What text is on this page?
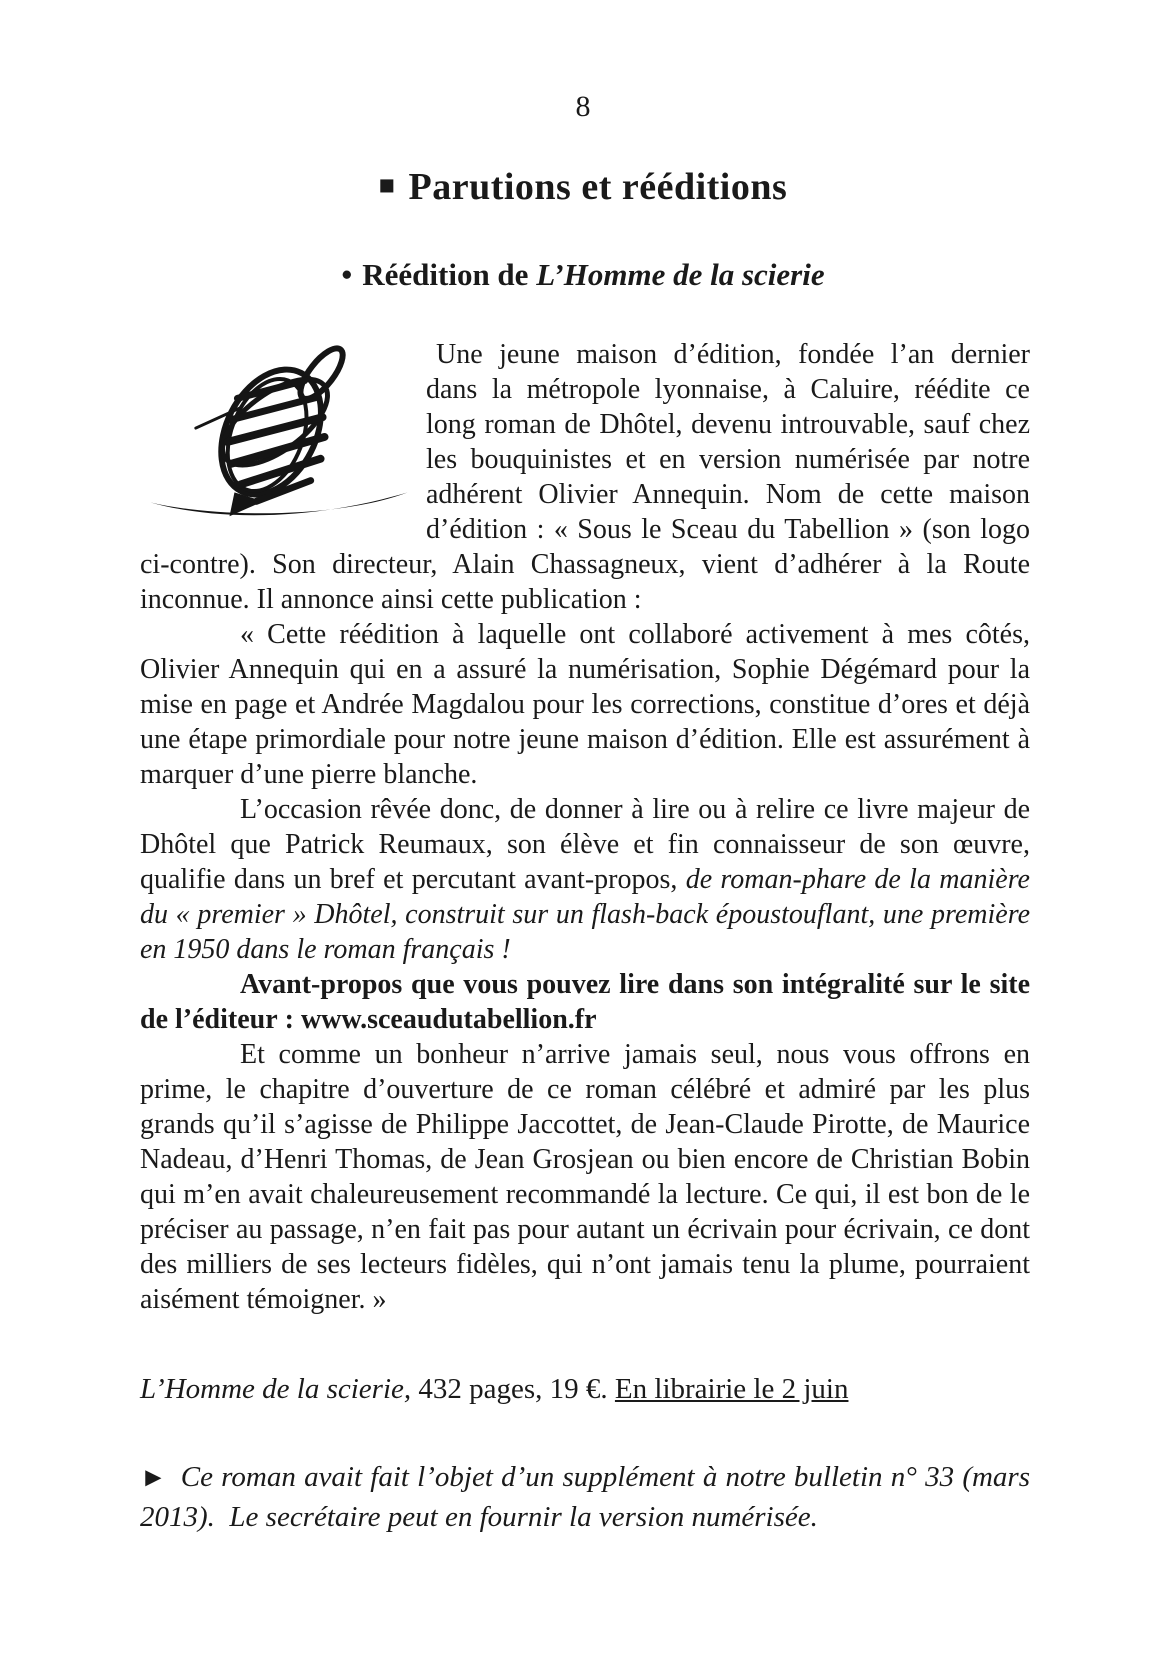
8
■ Parutions et rééditions
• Réédition de L’Homme de la scierie

Une jeune maison d’édition, fondée l’an dernier dans la métropole lyonnaise, à Caluire, réédite ce long roman de Dhôtel, devenu introuvable, sauf chez les bouquinistes et en version numérisée par notre adhérent Olivier Annequin. Nom de cette maison d’édition : « Sous le Sceau du Tabellion » (son logo ci-contre). Son directeur, Alain Chassagneux, vient d’adhérer à la Route inconnue. Il annonce ainsi cette publication :

« Cette réédition à laquelle ont collaboré activement à mes côtés, Olivier Annequin qui en a assuré la numérisation, Sophie Dégémard pour la mise en page et Andrée Magdalou pour les corrections, constitue d’ores et déjà une étape primordiale pour notre jeune maison d’édition. Elle est assurément à marquer d’une pierre blanche.

L’occasion rêvée donc, de donner à lire ou à relire ce livre majeur de Dhôtel que Patrick Reumaux, son élève et fin connaisseur de son œuvre, qualifie dans un bref et percutant avant-propos, de roman-phare de la manière du « premier » Dhôtel, construit sur un flash-back époustouflant, une première en 1950 dans le roman français !

Avant-propos que vous pouvez lire dans son intégralité sur le site de l’éditeur : www.sceaudutabellion.fr

Et comme un bonheur n’arrive jamais seul, nous vous offrons en prime, le chapitre d’ouverture de ce roman célébré et admiré par les plus grands qu’il s’agisse de Philippe Jaccottet, de Jean-Claude Pirotte, de Maurice Nadeau, d’Henri Thomas, de Jean Grosjean ou bien encore de Christian Bobin qui m’en avait chaleureusement recommandé la lecture. Ce qui, il est bon de le préciser au passage, n’en fait pas pour autant un écrivain pour écrivain, ce dont des milliers de ses lecteurs fidèles, qui n’ont jamais tenu la plume, pourraient aisément témoigner. »

L’Homme de la scierie, 432 pages, 19 €. En librairie le 2 juin

► Ce roman avait fait l’objet d’un supplément à notre bulletin n° 33 (mars 2013).  Le secrétaire peut en fournir la version numérisée.
